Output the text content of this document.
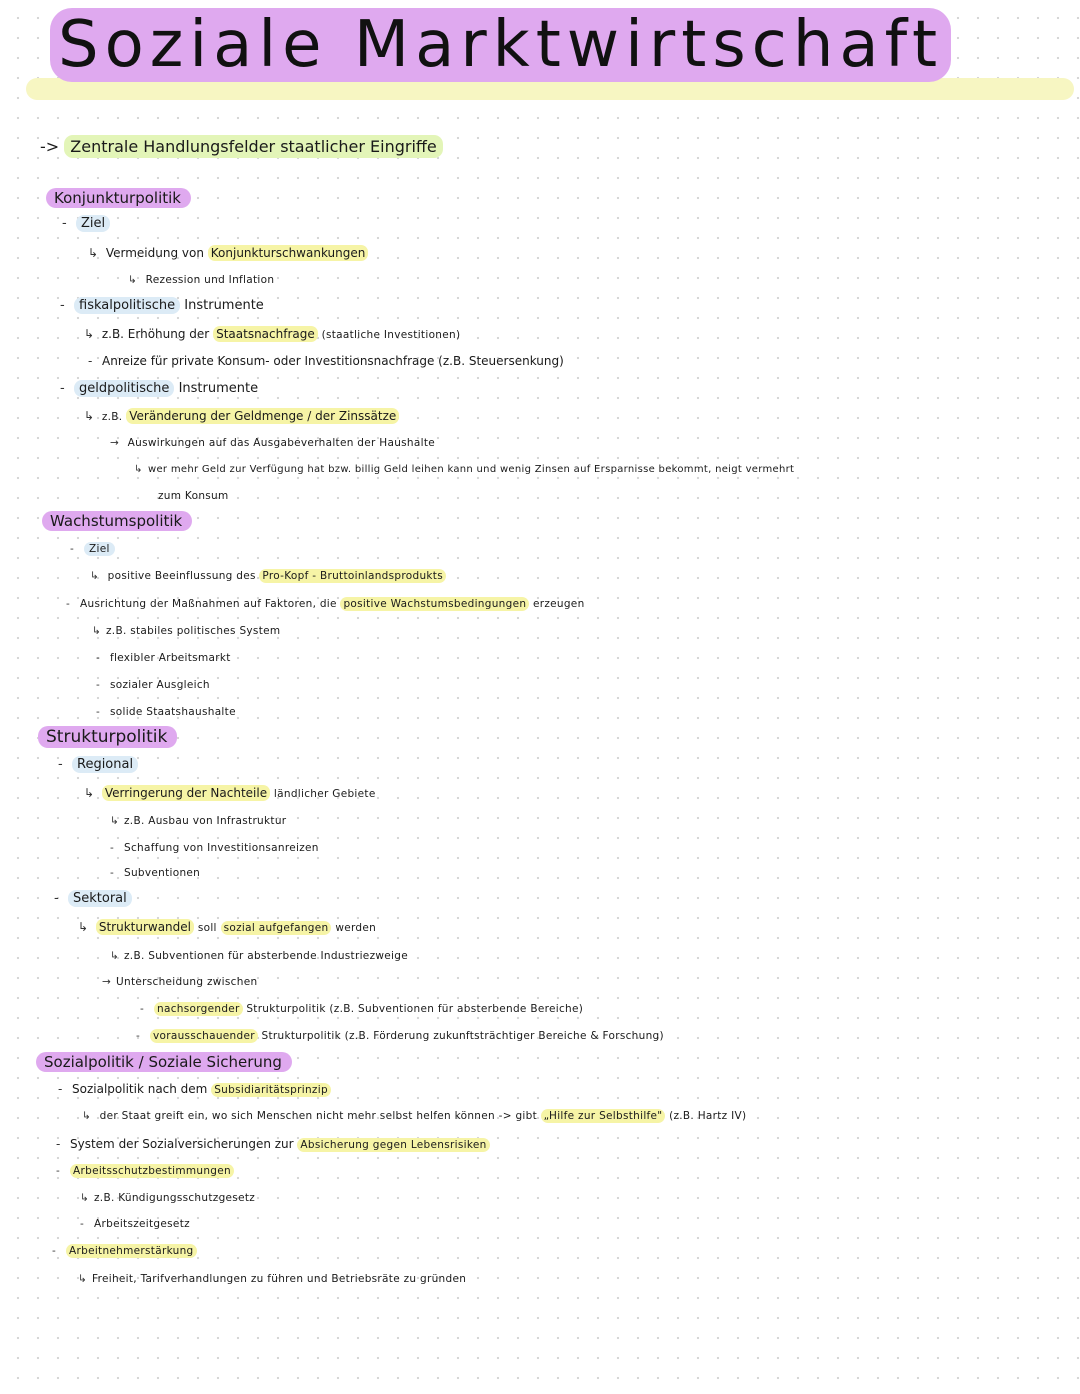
Soziale Marktwirtschaft
-> Zentrale Handlungsfelder staatlicher Eingriffe
Konjunkturpolitik
- Ziel
↳ Vermeidung von Konjunkturschwankungen
↳ Rezession und Inflation
- fiskalpolitische Instrumente
↳ z.B. Erhöhung der Staatsnachfrage (staatliche Investitionen)
- Anreize für private Konsum- oder Investitionsnachfrage (z.B. Steuersenkung)
- geldpolitische Instrumente
↳ z.B. Veränderung der Geldmenge / der Zinssätze
→ Auswirkungen auf das Ausgabeverhalten der Haushalte
↳ wer mehr Geld zur Verfügung hat bzw. billig Geld leihen kann und wenig Zinsen auf Ersparnisse bekommt, neigt vermehrt
zum Konsum
Wachstumspolitik
- Ziel
↳ positive Beeinflussung des Pro-Kopf - Bruttoinlandsprodukts
- Ausrichtung der Maßnahmen auf Faktoren, die positive Wachstumsbedingungen erzeugen
↳ z.B. stabiles politisches System
- flexibler Arbeitsmarkt
- sozialer Ausgleich
- solide Staatshaushalte
Strukturpolitik
- Regional
↳ Verringerung der Nachteile ländlicher Gebiete
↳ z.B. Ausbau von Infrastruktur
- Schaffung von Investitionsanreizen
- Subventionen
- Sektoral
↳ Strukturwandel soll sozial aufgefangen werden
↳ z.B. Subventionen für absterbende Industriezweige
→ Unterscheidung zwischen
- nachsorgender Strukturpolitik (z.B. Subventionen für absterbende Bereiche)
- vorausschauender Strukturpolitik (z.B. Förderung zukunftsträchtiger Bereiche & Forschung)
Sozialpolitik / Soziale Sicherung
- Sozialpolitik nach dem Subsidiaritätsprinzip
↳ der Staat greift ein, wo sich Menschen nicht mehr selbst helfen können -> gibt „Hilfe zur Selbsthilfe" (z.B. Hartz IV)
- System der Sozialversicherungen zur Absicherung gegen Lebensrisiken
- Arbeitsschutzbestimmungen
↳ z.B. Kündigungsschutzgesetz
- Arbeitszeitgesetz
- Arbeitnehmerstärkung
↳ Freiheit, Tarifverhandlungen zu führen und Betriebsräte zu gründen
